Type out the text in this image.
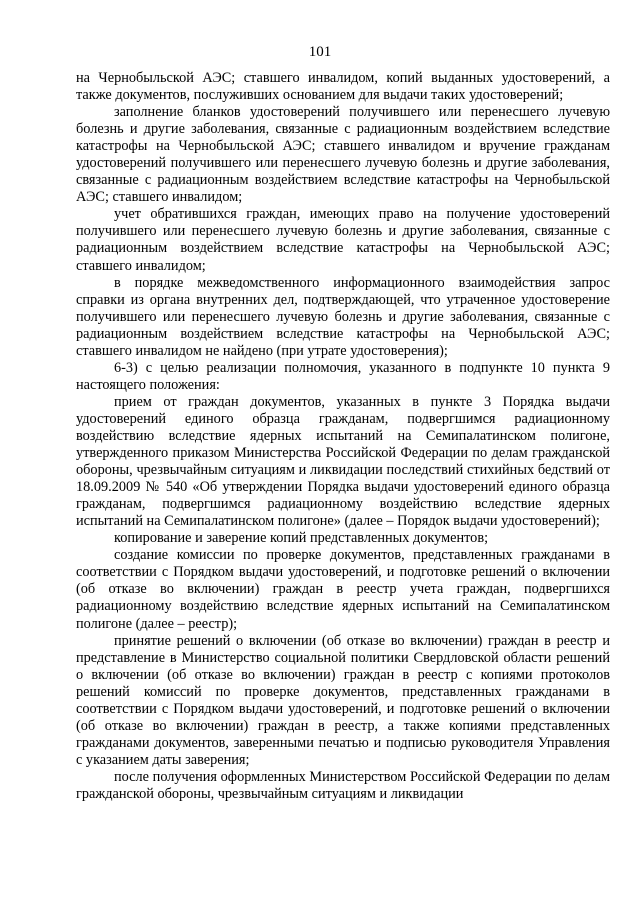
101

на Чернобыльской АЭС; ставшего инвалидом, копий выданных удостоверений, а также документов, послуживших основанием для выдачи таких удостоверений;

заполнение бланков удостоверений получившего или перенесшего лучевую болезнь и другие заболевания, связанные с радиационным воздействием вследствие катастрофы на Чернобыльской АЭС; ставшего инвалидом и вручение гражданам удостоверений получившего или перенесшего лучевую болезнь и другие заболевания, связанные с радиационным воздействием вследствие катастрофы на Чернобыльской АЭС; ставшего инвалидом;

учет обратившихся граждан, имеющих право на получение удостоверений получившего или перенесшего лучевую болезнь и другие заболевания, связанные с радиационным воздействием вследствие катастрофы на Чернобыльской АЭС; ставшего инвалидом;

в порядке межведомственного информационного взаимодействия запрос справки из органа внутренних дел, подтверждающей, что утраченное удостоверение получившего или перенесшего лучевую болезнь и другие заболевания, связанные с радиационным воздействием вследствие катастрофы на Чернобыльской АЭС; ставшего инвалидом не найдено (при утрате удостоверения);

6-3) с целью реализации полномочия, указанного в подпункте 10 пункта 9 настоящего положения:

прием от граждан документов, указанных в пункте 3 Порядка выдачи удостоверений единого образца гражданам, подвергшимся радиационному воздействию вследствие ядерных испытаний на Семипалатинском полигоне, утвержденного приказом Министерства Российской Федерации по делам гражданской обороны, чрезвычайным ситуациям и ликвидации последствий стихийных бедствий от 18.09.2009 № 540 «Об утверждении Порядка выдачи удостоверений единого образца гражданам, подвергшимся радиационному воздействию вследствие ядерных испытаний на Семипалатинском полигоне» (далее – Порядок выдачи удостоверений);

копирование и заверение копий представленных документов;

создание комиссии по проверке документов, представленных гражданами в соответствии с Порядком выдачи удостоверений, и подготовке решений о включении (об отказе во включении) граждан в реестр учета граждан, подвергшихся радиационному воздействию вследствие ядерных испытаний на Семипалатинском полигоне (далее – реестр);

принятие решений о включении (об отказе во включении) граждан в реестр и представление в Министерство социальной политики Свердловской области решений о включении (об отказе во включении) граждан в реестр с копиями протоколов решений комиссий по проверке документов, представленных гражданами в соответствии с Порядком выдачи удостоверений, и подготовке решений о включении (об отказе во включении) граждан в реестр, а также копиями представленных гражданами документов, заверенными печатью и подписью руководителя Управления с указанием даты заверения;

после получения оформленных Министерством Российской Федерации по делам гражданской обороны, чрезвычайным ситуациям и ликвидации
